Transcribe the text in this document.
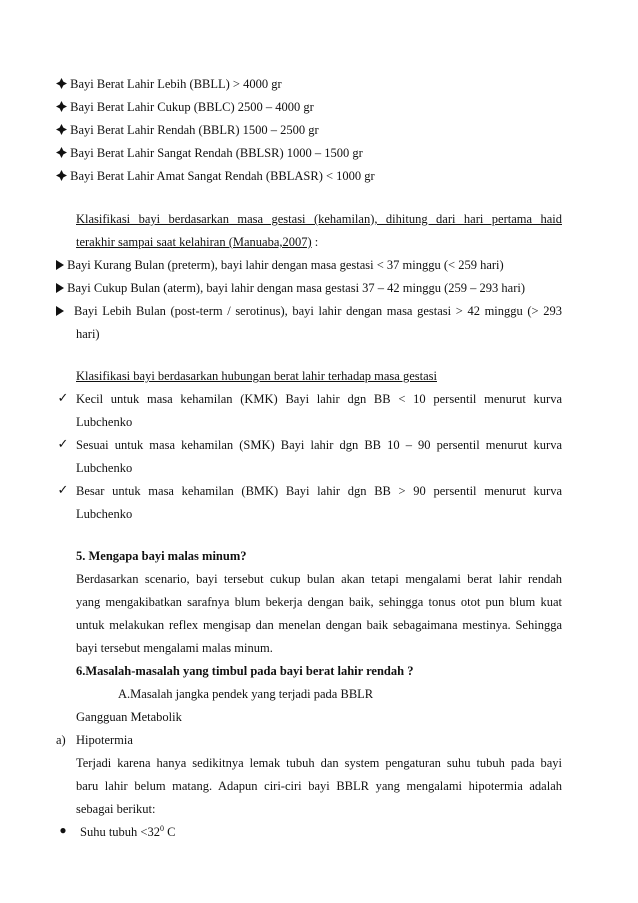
Bayi Berat Lahir Lebih (BBLL) > 4000 gr
Bayi Berat Lahir Cukup (BBLC) 2500 – 4000 gr
Bayi Berat Lahir Rendah (BBLR) 1500 – 2500 gr
Bayi Berat Lahir Sangat Rendah (BBLSR) 1000 – 1500 gr
Bayi Berat Lahir Amat Sangat Rendah (BBLASR) < 1000 gr
Klasifikasi bayi berdasarkan masa gestasi (kehamilan), dihitung dari hari pertama haid
terakhir sampai saat kelahiran (Manuaba,2007) :
Bayi Kurang Bulan (preterm), bayi lahir dengan masa gestasi < 37 minggu (< 259 hari)
Bayi Cukup Bulan (aterm), bayi lahir dengan masa gestasi 37 – 42 minggu (259 – 293 hari)
Bayi Lebih Bulan (post-term / serotinus), bayi lahir dengan masa gestasi > 42 minggu (> 293
hari)
Klasifikasi bayi berdasarkan hubungan berat lahir terhadap masa gestasi
✓ Kecil untuk masa kehamilan (KMK) Bayi lahir dgn BB < 10 persentil menurut kurva
Lubchenko
✓ Sesuai untuk masa kehamilan (SMK) Bayi lahir dgn BB 10 – 90 persentil menurut kurva
Lubchenko
✓ Besar untuk masa kehamilan (BMK) Bayi lahir dgn BB > 90 persentil menurut kurva
Lubchenko
5. Mengapa bayi malas minum?
Berdasarkan scenario, bayi tersebut cukup bulan akan tetapi mengalami berat lahir rendah
yang mengakibatkan sarafnya blum bekerja dengan baik, sehingga tonus otot pun blum kuat
untuk melakukan reflex mengisap dan menelan dengan baik sebagaimana mestinya. Sehingga
bayi tersebut mengalami malas minum.
6.Masalah-masalah yang timbul pada bayi berat lahir rendah ?
A.Masalah jangka pendek yang terjadi pada BBLR
Gangguan Metabolik
a) Hipotermia
Terjadi karena hanya sedikitnya lemak tubuh dan system pengaturan suhu tubuh pada bayi
baru lahir belum matang. Adapun ciri-ciri bayi BBLR yang mengalami hipotermia adalah
sebagai berikut:
● Suhu tubuh $<32^0$ C
